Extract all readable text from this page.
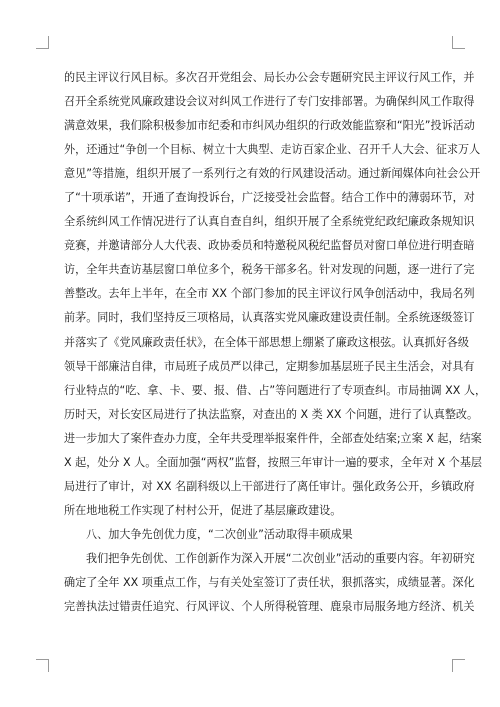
的民主评议行风目标。多次召开党组会、局长办公会专题研究民主评议行风工作，并
召开全系统党风廉政建设会议对纠风工作进行了专门安排部署。为确保纠风工作取得
满意效果，我们除积极参加市纪委和市纠风办组织的行政效能监察和“阳光”投诉活动
外，还通过“争创一个目标、树立十大典型、走访百家企业、召开千人大会、征求万人
意见”等措施，组织开展了一系列行之有效的行风建设活动。通过新闻媒体向社会公开
了“十项承诺”，开通了查询投诉台，广泛接受社会监督。结合工作中的薄弱环节，对
全系统纠风工作情况进行了认真自查自纠，组织开展了全系统党纪政纪廉政条规知识
竞赛，并邀请部分人大代表、政协委员和特邀税风税纪监督员对窗口单位进行明查暗
访，全年共查访基层窗口单位多个，税务干部多名。针对发现的问题，逐一进行了完
善整改。去年上半年，在全市 XX 个部门参加的民主评议行风争创活动中，我局名列
前茅。同时，我们坚持反三项格局，认真落实党风廉政建设责任制。全系统逐级签订
并落实了《党风廉政责任状》，在全体干部思想上绷紧了廉政这根弦。认真抓好各级
领导干部廉洁自律，市局班子成员严以律己，定期参加基层班子民主生活会，对具有
行业特点的“吃、拿、卡、要、报、借、占”等问题进行了专项查纠。市局抽调 XX 人，
历时天，对长安区局进行了执法监察，对查出的 X 类 XX 个问题，进行了认真整改。
进一步加大了案件查办力度，全年共受理举报案件件，全部查处结案;立案 X 起，结案
X 起，处分 X 人。全面加强“两权”监督，按照三年审计一遍的要求，全年对 X 个基层
局进行了审计，对 XX 名副科级以上干部进行了离任审计。强化政务公开，乡镇政府
所在地地税工作实现了村村公开，促进了基层廉政建设。
八、加大争先创优力度，“二次创业”活动取得丰硕成果
我们把争先创优、工作创新作为深入开展“二次创业”活动的重要内容。年初研究
确定了全年 XX 项重点工作，与有关处室签订了责任状，狠抓落实，成绩显著。深化
完善执法过错责任追究、行风评议、个人所得税管理、鹿泉市局服务地方经济、机关
